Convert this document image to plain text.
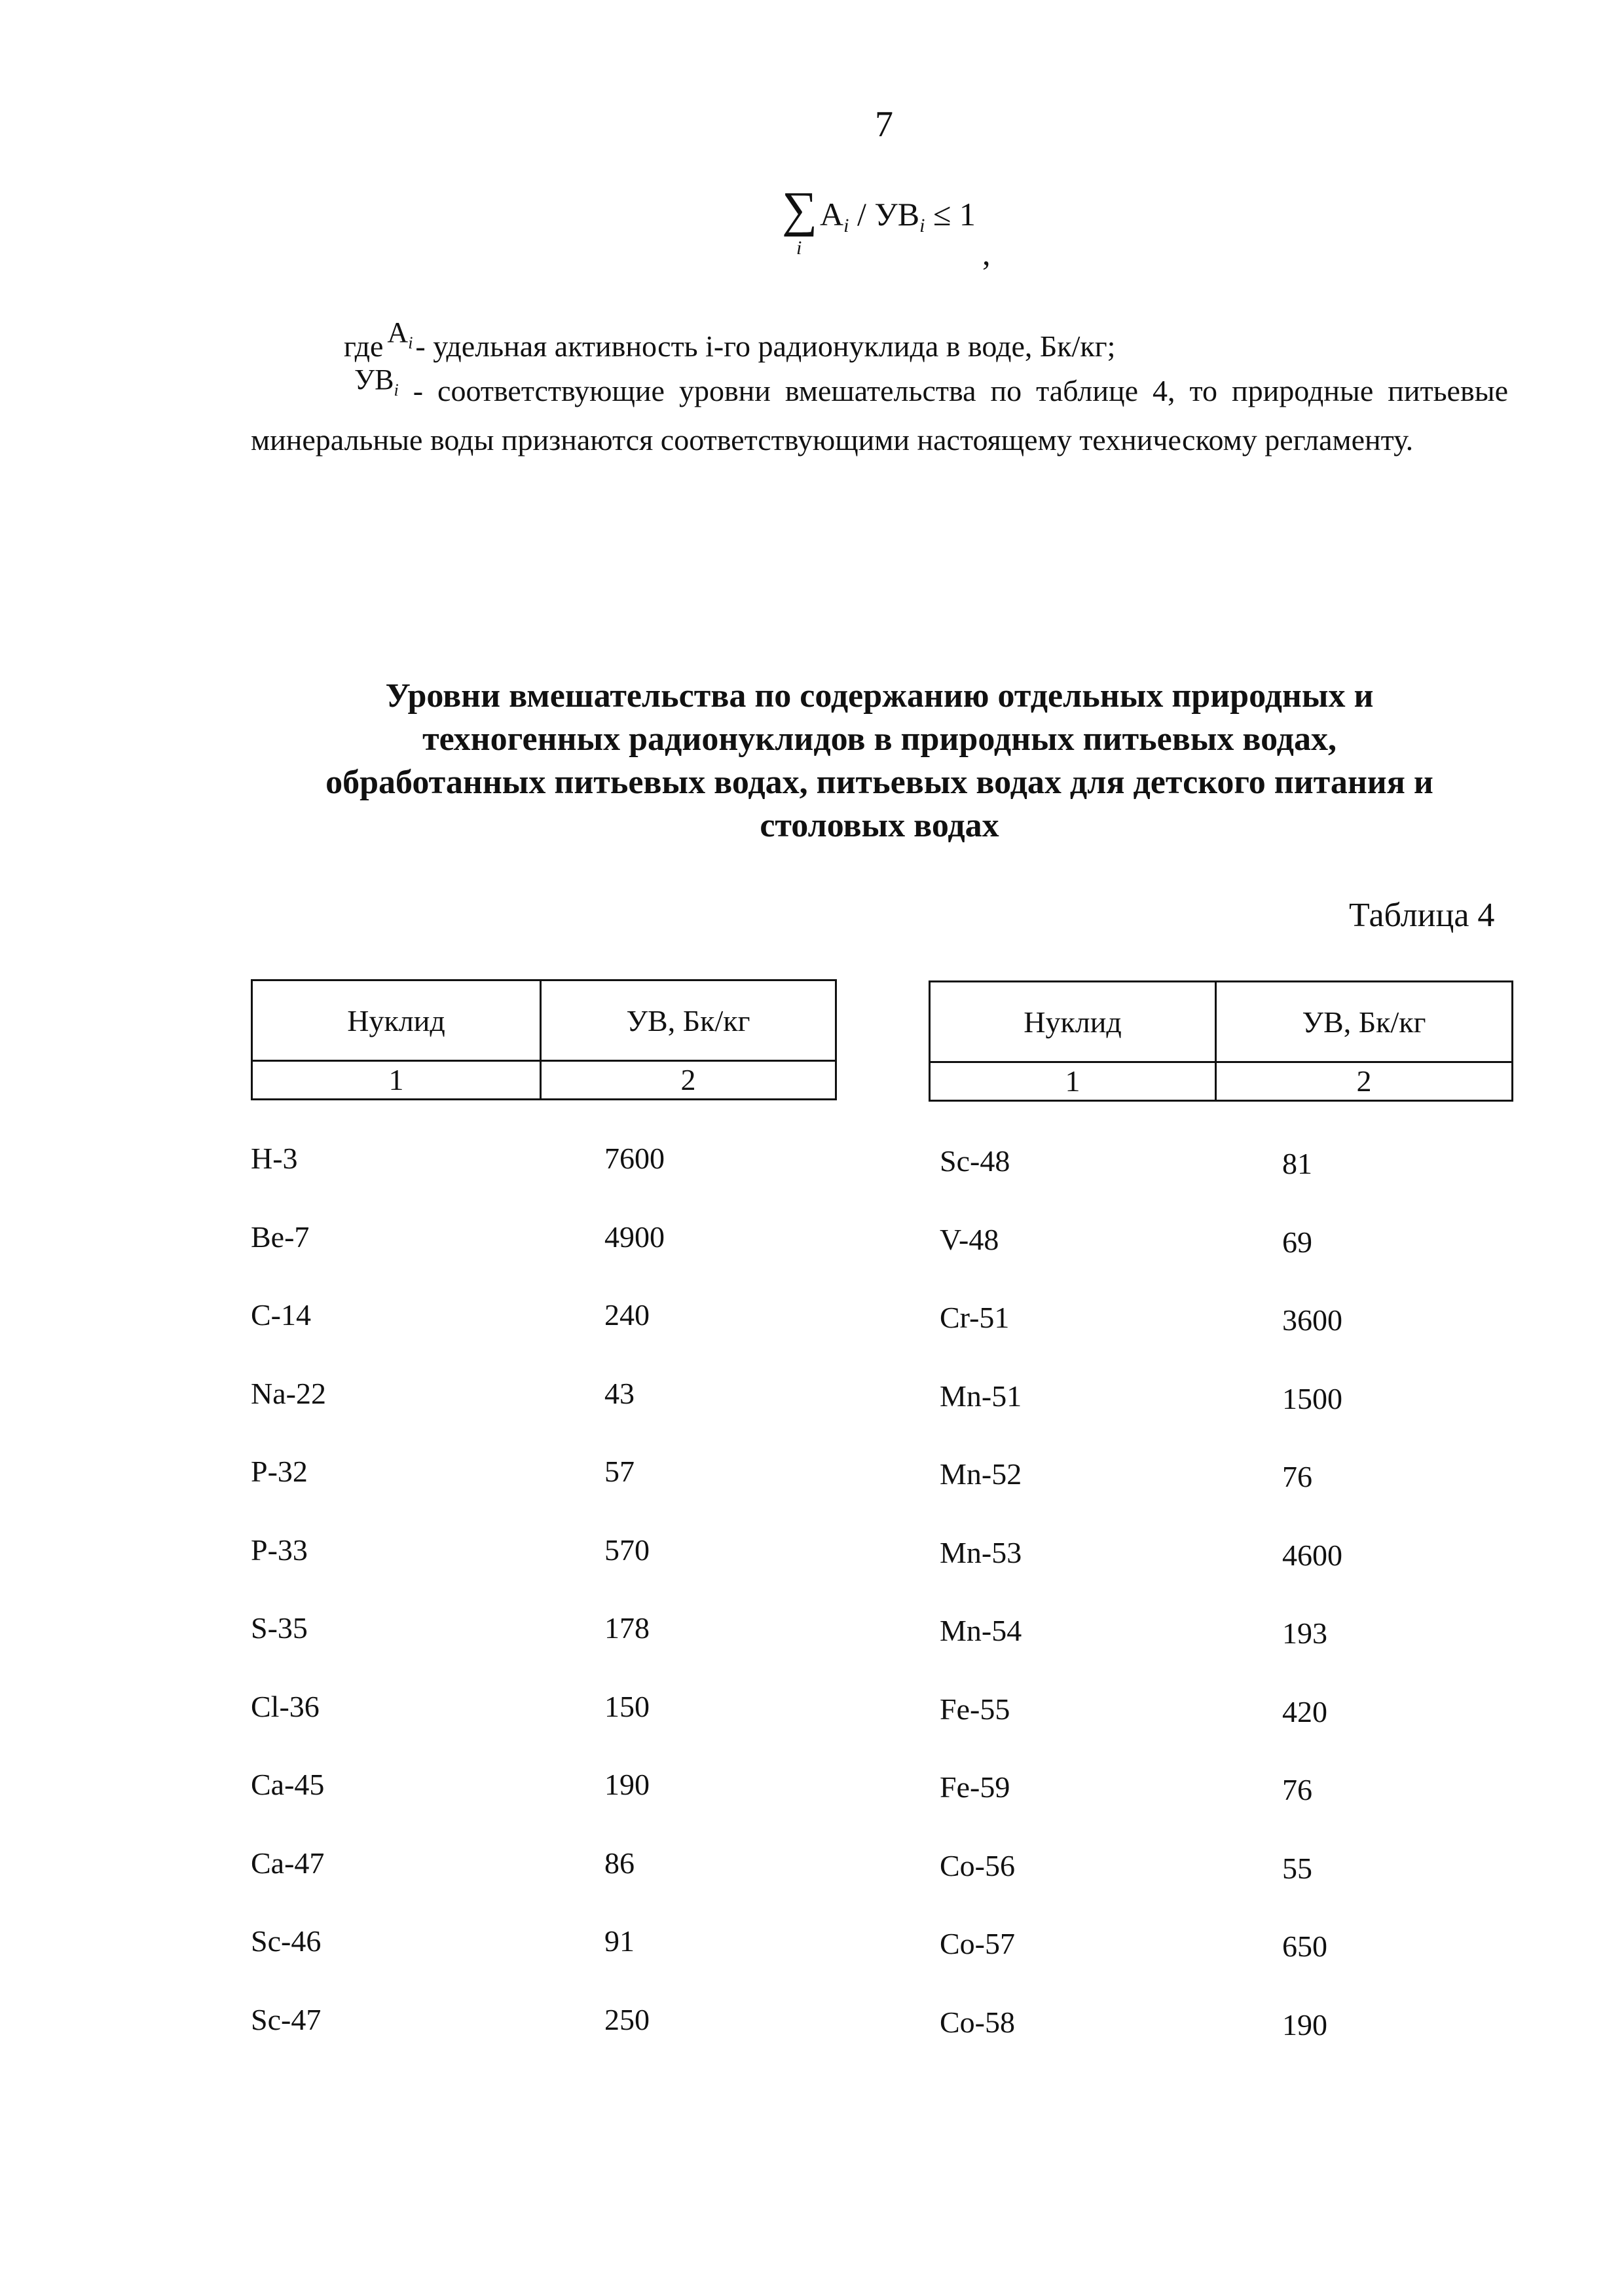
7
∑
i
$A_i / УВ_i \le 1$
,
где $A_i-$ удельная активность i-го радионуклида в воде, Бк/кг;
$УВ_i$ - соответствующие уровни вмешательства по таблице 4, то природные питьевые минеральные воды признаются соответствующими настоящему техническому регламенту.
Уровни вмешательства по содержанию отдельных природных и
техногенных радионуклидов в природных питьевых водах,
обработанных питьевых водах, питьевых водах для детского питания и
столовых водах
Таблица 4
Нуклид	УВ, Бк/кг
1	2
Нуклид	УВ, Бк/кг
1	2
H-3	7600
Be-7	4900
C-14	240
Na-22	43
P-32	57
P-33	570
S-35	178
Cl-36	150
Ca-45	190
Ca-47	86
Sc-46	91
Sc-47	250
Sc-48	81
V-48	69
Cr-51	3600
Mn-51	1500
Mn-52	76
Mn-53	4600
Mn-54	193
Fe-55	420
Fe-59	76
Co-56	55
Co-57	650
Co-58	190
